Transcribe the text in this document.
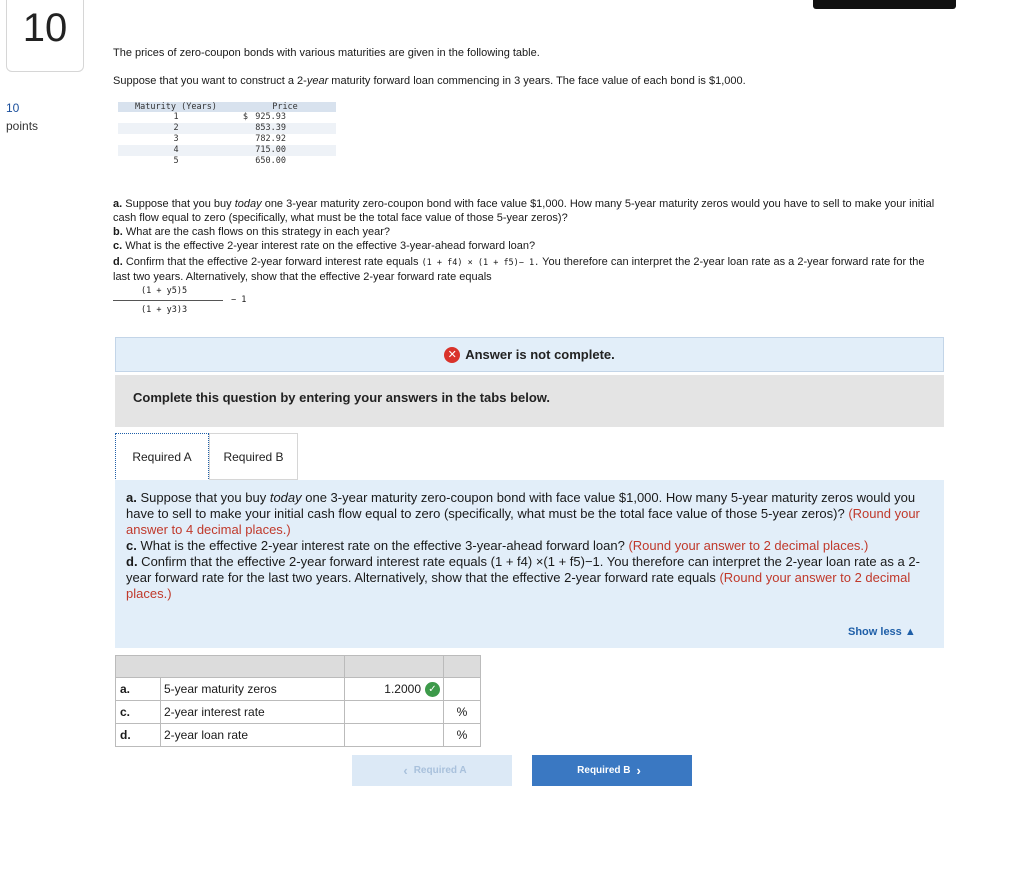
10
10
points
The prices of zero-coupon bonds with various maturities are given in the following table.
Suppose that you want to construct a 2-year maturity forward loan commencing in 3 years. The face value of each bond is $1,000.
Maturity (Years)	Price
1	$ 925.93
2	853.39
3	782.92
4	715.00
5	650.00
a. Suppose that you buy today one 3-year maturity zero-coupon bond with face value $1,000. How many 5-year maturity zeros would you have to sell to make your initial cash flow equal to zero (specifically, what must be the total face value of those 5-year zeros)?
b. What are the cash flows on this strategy in each year?
c. What is the effective 2-year interest rate on the effective 3-year-ahead forward loan?
d. Confirm that the effective 2-year forward interest rate equals (1 + f4) × (1 + f5)− 1. You therefore can interpret the 2-year loan rate as a 2-year forward rate for the last two years. Alternatively, show that the effective 2-year forward rate equals
(1 + y5)5
(1 + y3)3
− 1
✕ Answer is not complete.
Complete this question by entering your answers in the tabs below.
Required A	Required B
a. Suppose that you buy today one 3-year maturity zero-coupon bond with face value $1,000. How many 5-year maturity zeros would you have to sell to make your initial cash flow equal to zero (specifically, what must be the total face value of those 5-year zeros)? (Round your answer to 4 decimal places.)
c. What is the effective 2-year interest rate on the effective 3-year-ahead forward loan? (Round your answer to 2 decimal places.)
d. Confirm that the effective 2-year forward interest rate equals (1 + f4) ×(1 + f5)−1. You therefore can interpret the 2-year loan rate as a 2-year forward rate for the last two years. Alternatively, show that the effective 2-year forward rate equals (Round your answer to 2 decimal places.)
Show less ▲

a.	5-year maturity zeros	1.2000 ✓	

c.	2-year interest rate		%
d.	2-year loan rate		%
‹ Required A	Required B ›
